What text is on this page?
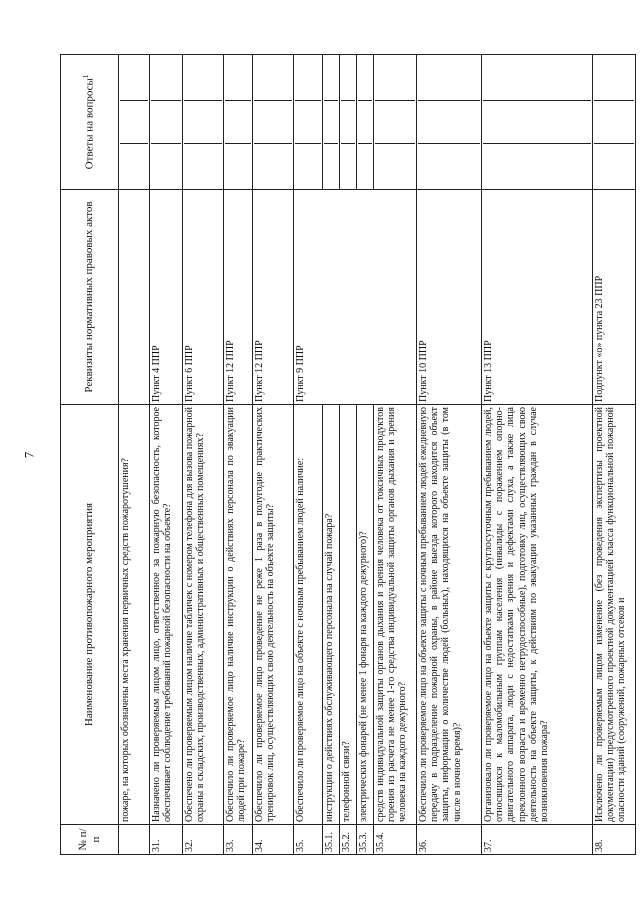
7
№ п/п	Наименование противопожарного мероприятия	Реквизиты нормативных правовых актов	Ответы на вопросы$^1$
	пожаре, на которых обозначены места хранения первичных средств пожаротушения?		

31.	Назначено ли проверяемым лицом лицо, ответственное за пожарную безопасность, которое обеспечивает соблюдение требований пожарной безопасности на объекте?	Пункт 4 ППР	

32.	Обеспечено ли проверяемым лицом наличие табличек с номером телефона для вызова пожарной охраны в складских, производственных, административных и общественных помещениях?	Пункт 6 ППР	

33.	Обеспечило ли проверяемое лицо наличие инструкции о действиях персонала по эвакуации людей при пожаре?	Пункт 12 ППР	

34.	Обеспечило ли проверяемое лицо проведение не реже 1 раза в полугодие практических тренировок лиц, осуществляющих свою деятельность на объекте защиты?	Пункт 12 ППР	

35.	Обеспечило ли проверяемое лицо на объекте с ночным пребыванием людей наличие:	Пункт 9 ППР	

35.1.	инструкции о действиях обслуживающего персонала на случай пожара?		

35.2.	телефонной связи?		

35.3.	электрических фонарей (не менее 1 фонаря на каждого дежурного)?		

35.4.	средств индивидуальной защиты органов дыхания и зрения человека от токсичных продуктов горения из расчета не менее 1-го средства индивидуальной защиты органов дыхания и зрения человека на каждого дежурного?		

36.	Обеспечило ли проверяемое лицо на объекте защиты с ночным пребыванием людей ежедневную передачу в подразделение пожарной охраны, в районе выезда которого находится объект защиты, информации о количестве людей (больных), находящихся на объекте защиты (в том числе в ночное время)?	Пункт 10 ППР	

37.	Организовало ли проверяемое лицо на объекте защиты с круглосуточным пребыванием людей, относящихся к маломобильным группам населения (инвалиды с поражением опорно-двигательного аппарата, люди с недостатками зрения и дефектами слуха, а также лица преклонного возраста и временно нетрудоспособные), подготовку лиц, осуществляющих свою деятельность на объекте защиты, к действиям по эвакуации указанных граждан в случае возникновения пожара?	Пункт 13 ППР	

38.	Исключено ли проверяемым лицом изменение (без проведения экспертизы проектной документации) предусмотренного проектной документацией класса функциональной пожарной опасности зданий (сооружений, пожарных отсеков и	Подпункт «о» пункта 23 ППР	
